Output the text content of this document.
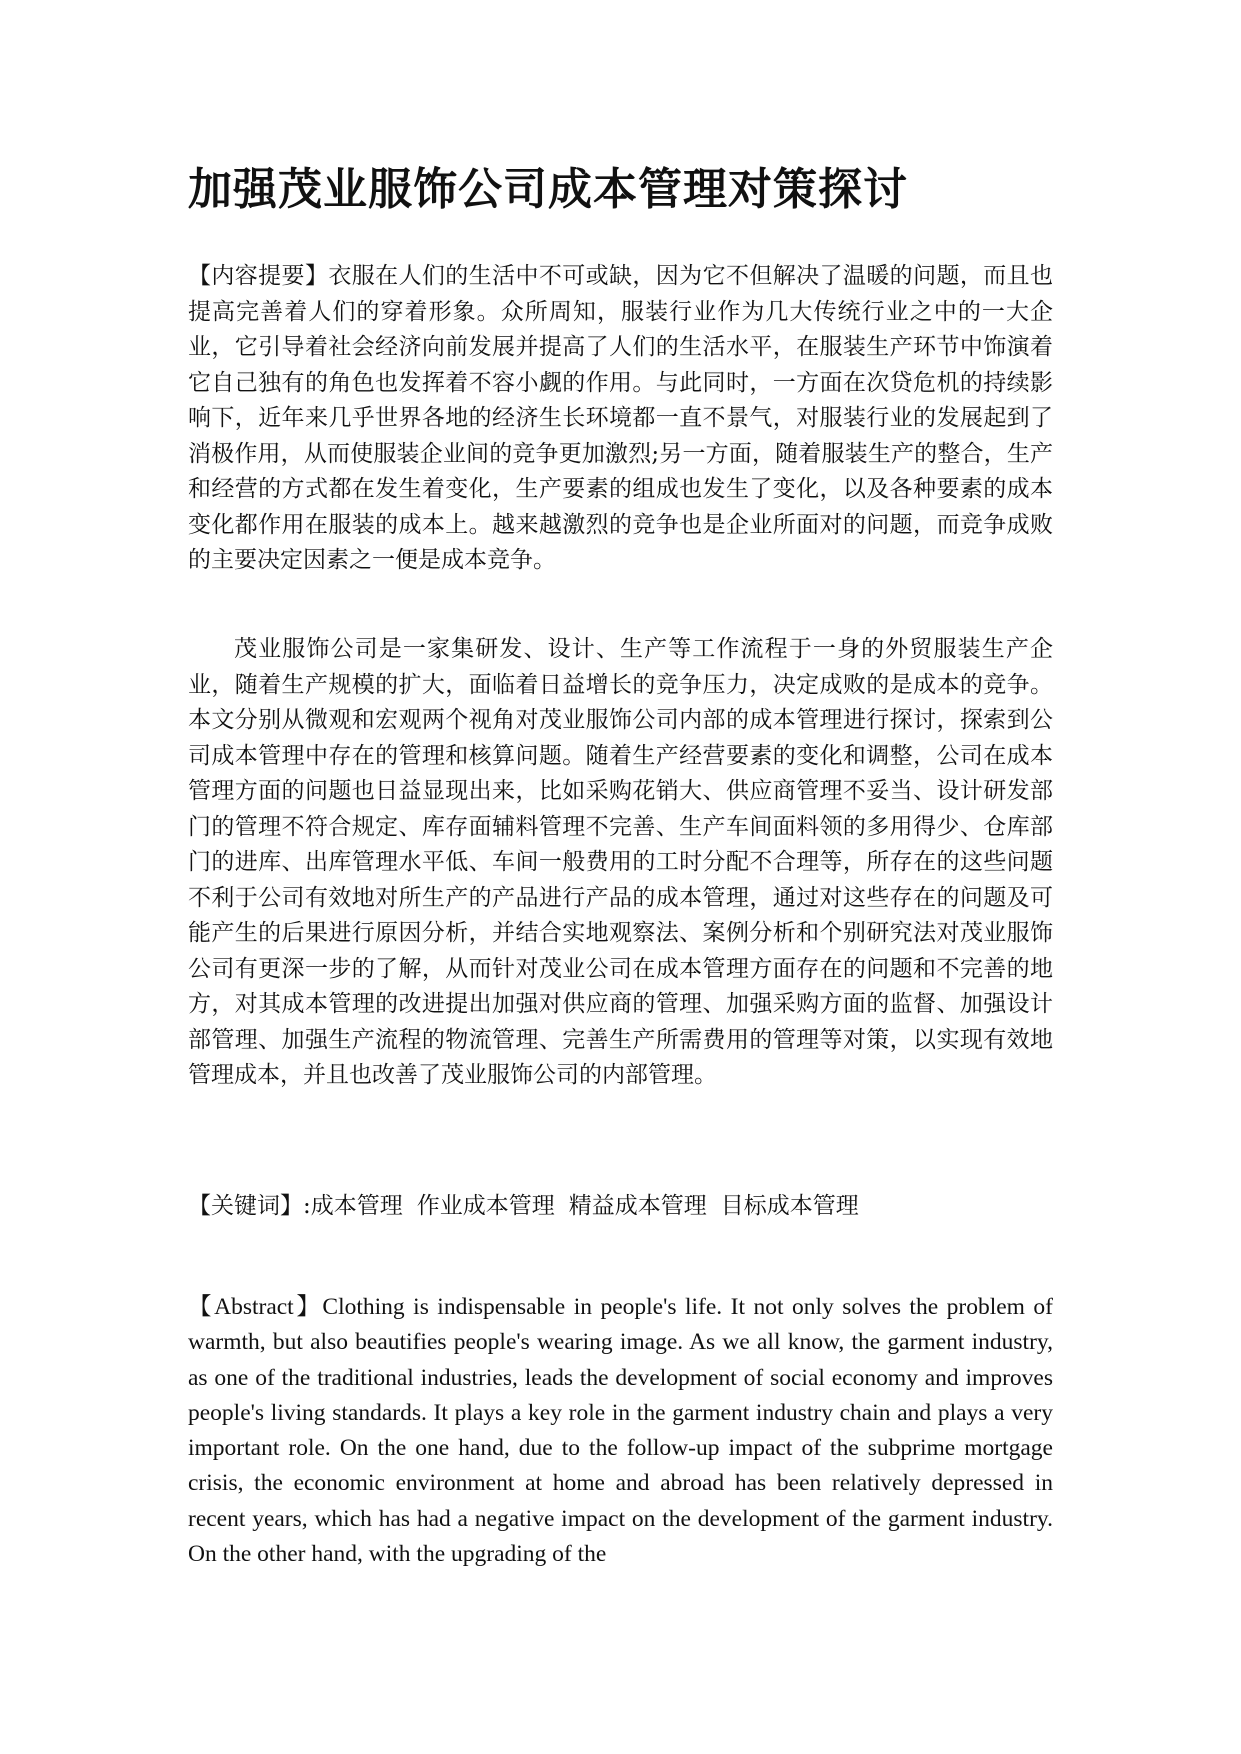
加强茂业服饰公司成本管理对策探讨

【内容提要】衣服在人们的生活中不可或缺，因为它不但解决了温暖的问题，而且也提高完善着人们的穿着形象。众所周知，服装行业作为几大传统行业之中的一大企业，它引导着社会经济向前发展并提高了人们的生活水平，在服装生产环节中饰演着它自己独有的角色也发挥着不容小觑的作用。与此同时，一方面在次贷危机的持续影响下，近年来几乎世界各地的经济生长环境都一直不景气，对服装行业的发展起到了消极作用，从而使服装企业间的竞争更加激烈;另一方面，随着服装生产的整合，生产和经营的方式都在发生着变化，生产要素的组成也发生了变化，以及各种要素的成本变化都作用在服装的成本上。越来越激烈的竞争也是企业所面对的问题，而竞争成败的主要决定因素之一便是成本竞争。

茂业服饰公司是一家集研发、设计、生产等工作流程于一身的外贸服装生产企业，随着生产规模的扩大，面临着日益增长的竞争压力，决定成败的是成本的竞争。本文分别从微观和宏观两个视角对茂业服饰公司内部的成本管理进行探讨，探索到公司成本管理中存在的管理和核算问题。随着生产经营要素的变化和调整，公司在成本管理方面的问题也日益显现出来，比如采购花销大、供应商管理不妥当、设计研发部门的管理不符合规定、库存面辅料管理不完善、生产车间面料领的多用得少、仓库部门的进库、出库管理水平低、车间一般费用的工时分配不合理等，所存在的这些问题不利于公司有效地对所生产的产品进行产品的成本管理，通过对这些存在的问题及可能产生的后果进行原因分析，并结合实地观察法、案例分析和个别研究法对茂业服饰公司有更深一步的了解，从而针对茂业公司在成本管理方面存在的问题和不完善的地方，对其成本管理的改进提出加强对供应商的管理、加强采购方面的监督、加强设计部管理、加强生产流程的物流管理、完善生产所需费用的管理等对策，以实现有效地管理成本，并且也改善了茂业服饰公司的内部管理。

【关键词】:成本管理 作业成本管理 精益成本管理 目标成本管理

【Abstract】Clothing is indispensable in people's life. It not only solves the problem of warmth, but also beautifies people's wearing image. As we all know, the garment industry, as one of the traditional industries, leads the development of social economy and improves people's living standards. It plays a key role in the garment industry chain and plays a very important role. On the one hand, due to the follow-up impact of the subprime mortgage crisis, the economic environment at home and abroad has been relatively depressed in recent years, which has had a negative impact on the development of the garment industry. On the other hand, with the upgrading of the
